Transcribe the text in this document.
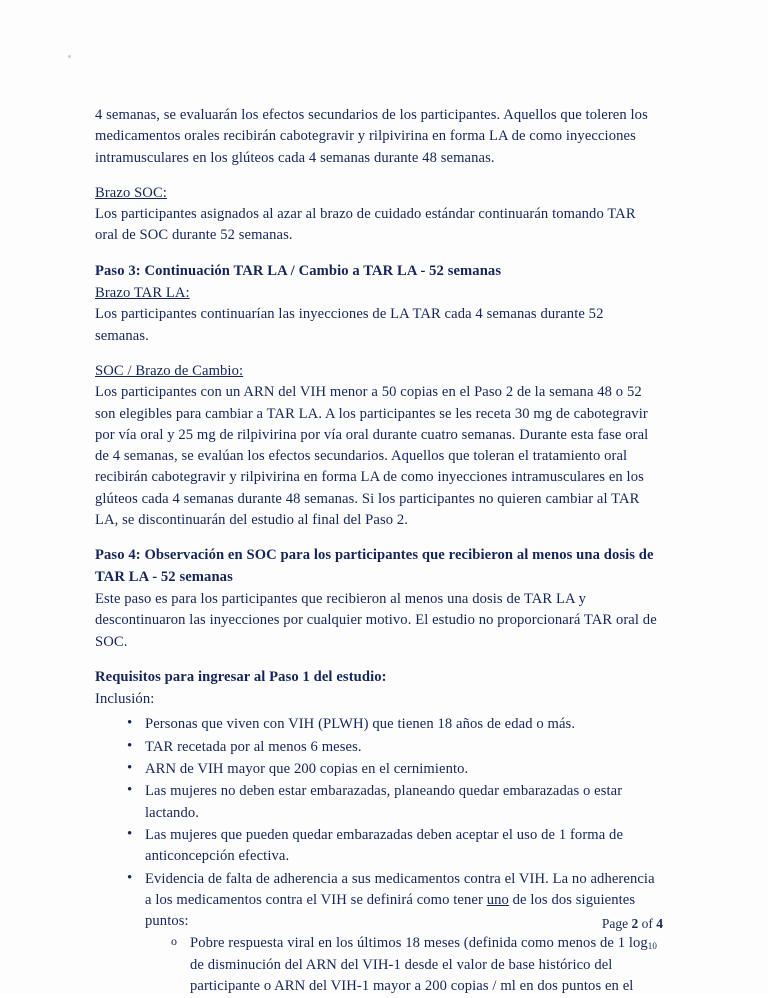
4 semanas, se evaluarán los efectos secundarios de los participantes. Aquellos que toleren los medicamentos orales recibirán cabotegravir y rilpivirina en forma LA de como inyecciones intramusculares en los glúteos cada 4 semanas durante 48 semanas.

Brazo SOC:

Los participantes asignados al azar al brazo de cuidado estándar continuarán tomando TAR oral de SOC durante 52 semanas.

Paso 3: Continuación TAR LA / Cambio a TAR LA - 52 semanas

Brazo TAR LA:

Los participantes continuarían las inyecciones de LA TAR cada 4 semanas durante 52 semanas.

SOC / Brazo de Cambio:

Los participantes con un ARN del VIH menor a 50 copias en el Paso 2 de la semana 48 o 52 son elegibles para cambiar a TAR LA. A los participantes se les receta 30 mg de cabotegravir por vía oral y 25 mg de rilpivirina por vía oral durante cuatro semanas. Durante esta fase oral de 4 semanas, se evalúan los efectos secundarios. Aquellos que toleran el tratamiento oral recibirán cabotegravir y rilpivirina en forma LA de como inyecciones intramusculares en los glúteos cada 4 semanas durante 48 semanas. Si los participantes no quieren cambiar al TAR LA, se discontinuarán del estudio al final del Paso 2.

Paso 4: Observación en SOC para los participantes que recibieron al menos una dosis de TAR LA - 52 semanas

Este paso es para los participantes que recibieron al menos una dosis de TAR LA y descontinuaron las inyecciones por cualquier motivo. El estudio no proporcionará TAR oral de SOC.

Requisitos para ingresar al Paso 1 del estudio:

Inclusión:

• Personas que viven con VIH (PLWH) que tienen 18 años de edad o más.
• TAR recetada por al menos 6 meses.
• ARN de VIH mayor que 200 copias en el cernimiento.
• Las mujeres no deben estar embarazadas, planeando quedar embarazadas o estar lactando.
• Las mujeres que pueden quedar embarazadas deben aceptar el uso de 1 forma de anticoncepción efectiva.
• Evidencia de falta de adherencia a sus medicamentos contra el VIH. La no adherencia a los medicamentos contra el VIH se definirá como tener uno de los dos siguientes puntos:
o Pobre respuesta viral en los últimos 18 meses (definida como menos de 1 $\log_{10}$ de disminución del ARN del VIH-1 desde el valor de base histórico del participante o ARN del VIH-1 mayor a 200 copias / ml en dos puntos en el
Page 2 of 4
